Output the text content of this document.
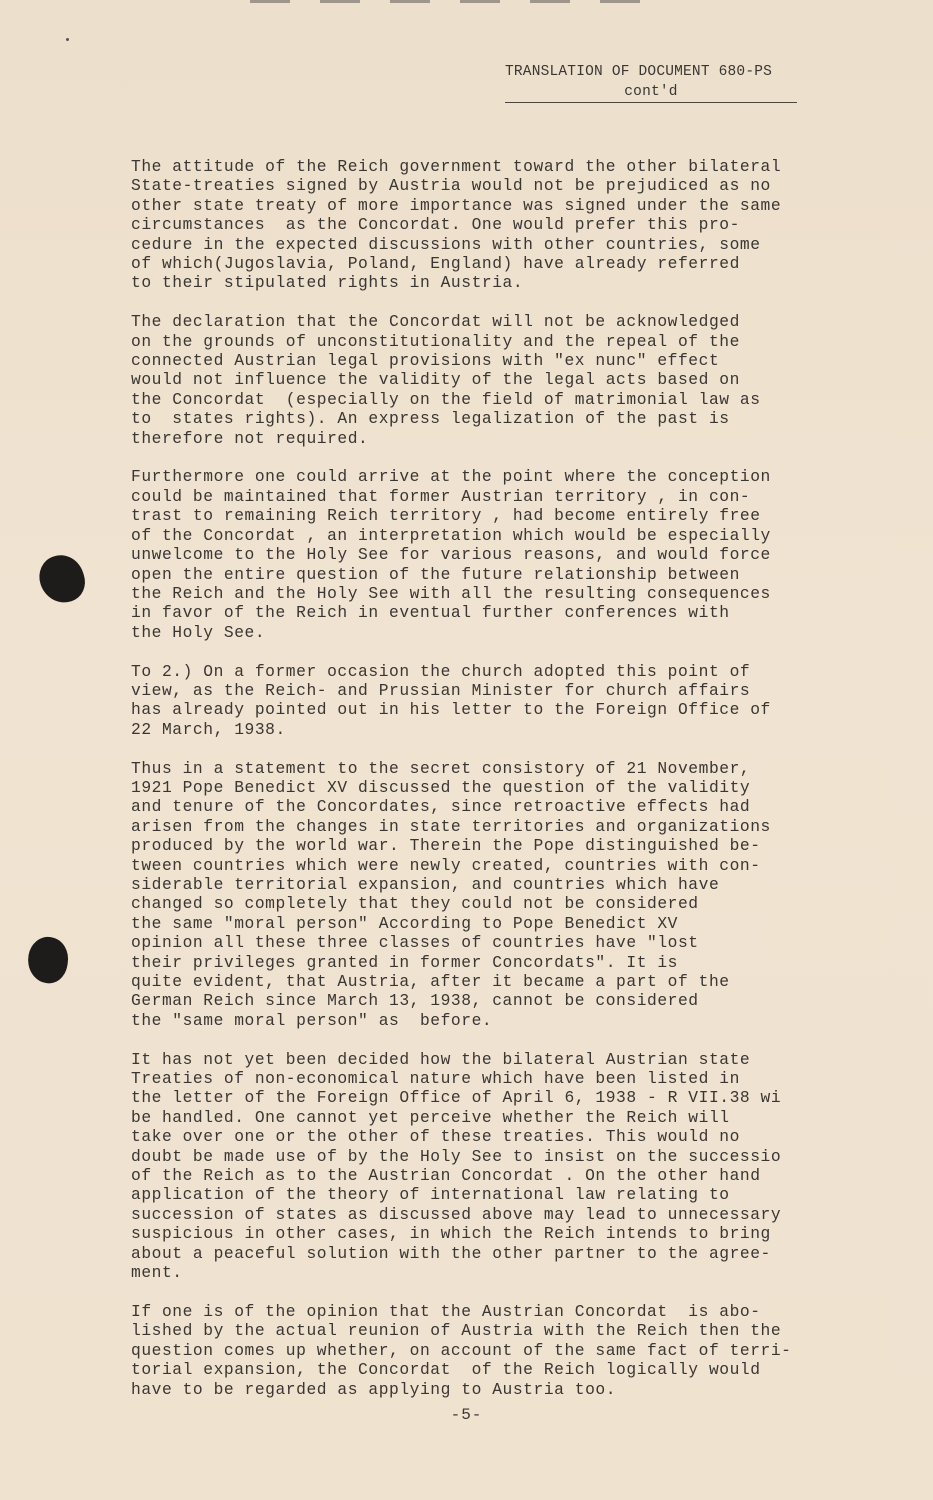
TRANSLATION OF DOCUMENT 680-PS
cont'd
The attitude of the Reich government toward the other bilateral
State-treaties signed by Austria would not be prejudiced as no
other state treaty of more importance was signed under the same
circumstances  as the Concordat. One would prefer this pro-
cedure in the expected discussions with other countries, some
of which(Jugoslavia, Poland, England) have already referred
to their stipulated rights in Austria.
The declaration that the Concordat will not be acknowledged
on the grounds of unconstitutionality and the repeal of the
connected Austrian legal provisions with "ex nunc" effect
would not influence the validity of the legal acts based on
the Concordat  (especially on the field of matrimonial law as
to  states rights). An express legalization of the past is
therefore not required.
Furthermore one could arrive at the point where the conception
could be maintained that former Austrian territory , in con-
trast to remaining Reich territory , had become entirely free
of the Concordat , an interpretation which would be especially
unwelcome to the Holy See for various reasons, and would force
open the entire question of the future relationship between
the Reich and the Holy See with all the resulting consequences
in favor of the Reich in eventual further conferences with
the Holy See.
To 2.) On a former occasion the church adopted this point of
view, as the Reich- and Prussian Minister for church affairs
has already pointed out in his letter to the Foreign Office of
22 March, 1938.
Thus in a statement to the secret consistory of 21 November,
1921 Pope Benedict XV discussed the question of the validity
and tenure of the Concordates, since retroactive effects had
arisen from the changes in state territories and organizations
produced by the world war. Therein the Pope distinguished be-
tween countries which were newly created, countries with con-
siderable territorial expansion, and countries which have
changed so completely that they could not be considered
the same "moral person" According to Pope Benedict XV
opinion all these three classes of countries have "lost
their privileges granted in former Concordats". It is
quite evident, that Austria, after it became a part of the
German Reich since March 13, 1938, cannot be considered
the "same moral person" as  before.
It has not yet been decided how the bilateral Austrian state
Treaties of non-economical nature which have been listed in
the letter of the Foreign Office of April 6, 1938 - R VII.38 wi
be handled. One cannot yet perceive whether the Reich will
take over one or the other of these treaties. This would no
doubt be made use of by the Holy See to insist on the successio
of the Reich as to the Austrian Concordat . On the other hand
application of the theory of international law relating to
succession of states as discussed above may lead to unnecessary
suspicious in other cases, in which the Reich intends to bring
about a peaceful solution with the other partner to the agree-
ment.
If one is of the opinion that the Austrian Concordat  is abo-
lished by the actual reunion of Austria with the Reich then the
question comes up whether, on account of the same fact of terri-
torial expansion, the Concordat  of the Reich logically would
have to be regarded as applying to Austria too.
-5-
